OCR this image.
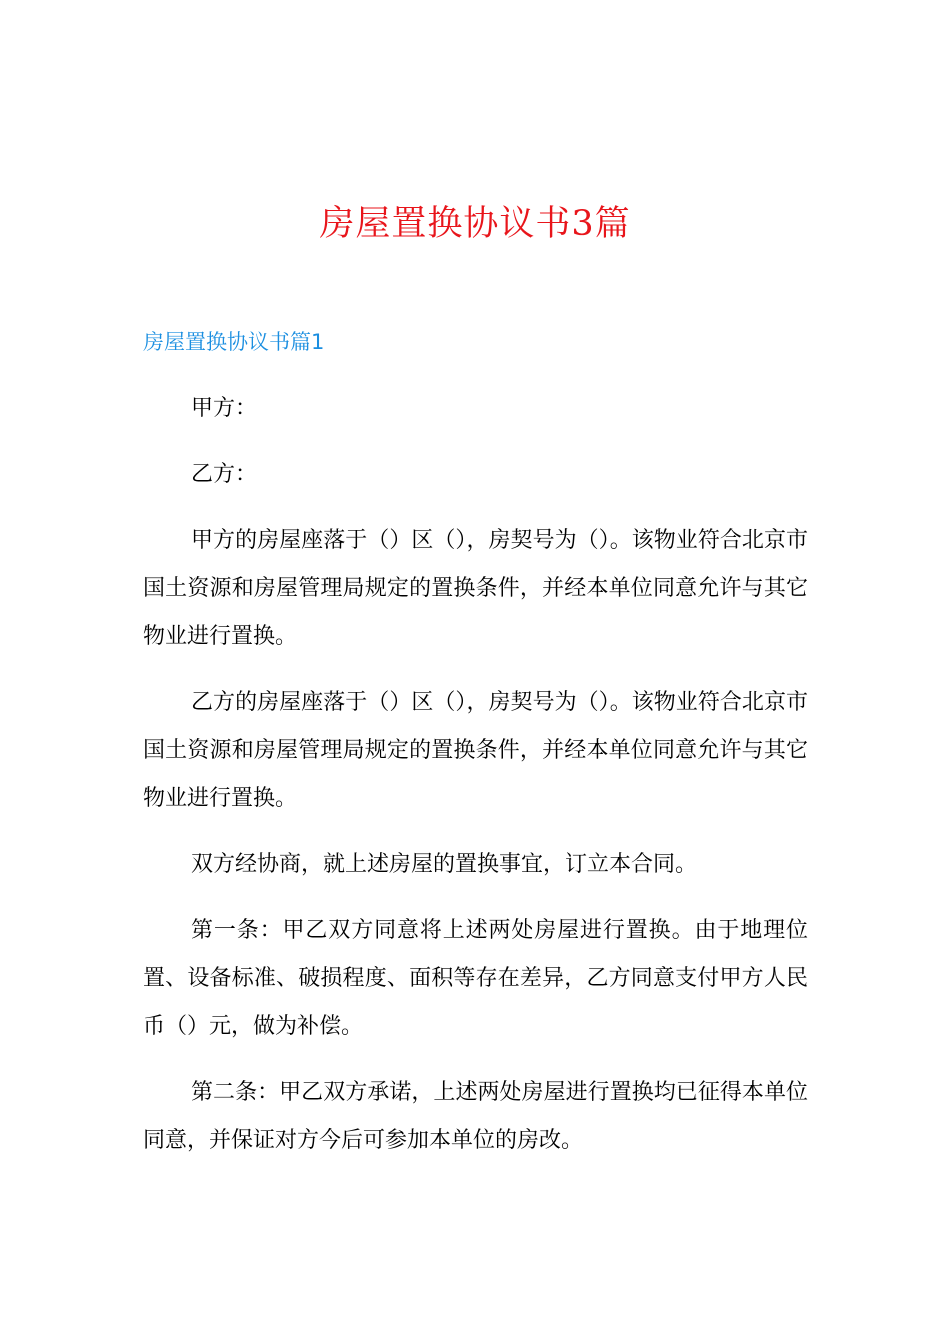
房屋置换协议书3篇
房屋置换协议书篇1

甲方：

乙方：

甲方的房屋座落于（）区（），房契号为（）。该物业符合北京市国土资源和房屋管理局规定的置换条件，并经本单位同意允许与其它物业进行置换。

乙方的房屋座落于（）区（），房契号为（）。该物业符合北京市国土资源和房屋管理局规定的置换条件，并经本单位同意允许与其它物业进行置换。

双方经协商，就上述房屋的置换事宜，订立本合同。

第一条：甲乙双方同意将上述两处房屋进行置换。由于地理位置、设备标准、破损程度、面积等存在差异，乙方同意支付甲方人民币（）元，做为补偿。

第二条：甲乙双方承诺，上述两处房屋进行置换均已征得本单位同意，并保证对方今后可参加本单位的房改。
